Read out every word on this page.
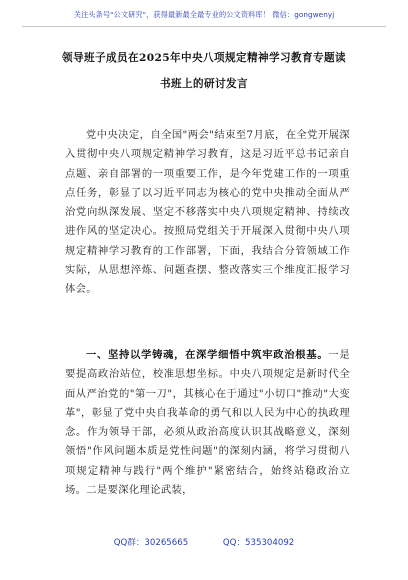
关注头条号"公文研究"，获得最新最全最专业的公文资料库！ 微信：gongwenyj
领导班子成员在2025年中央八项规定精神学习教育专题读
书班上的研讨发言
党中央决定，自全国"两会"结束至7月底，在全党开展深入贯彻中央八项规定精神学习教育，这是习近平总书记亲自点题、亲自部署的一项重要工作，是今年党建工作的一项重点任务，彰显了以习近平同志为核心的党中央推动全面从严治党向纵深发展、坚定不移落实中央八项规定精神、持续改进作风的坚定决心。按照局党组关于开展深入贯彻中央八项规定精神学习教育的工作部署，下面，我结合分管领域工作实际，从思想淬炼、问题查摆、整改落实三个维度汇报学习体会。
一、坚持以学铸魂，在深学细悟中筑牢政治根基。一是要提高政治站位，校准思想坐标。中央八项规定是新时代全面从严治党的"第一刀"，其核心在于通过"小切口"推动"大变革"，彰显了党中央自我革命的勇气和以人民为中心的执政理念。作为领导干部，必须从政治高度认识其战略意义，深刻领悟"作风问题本质是党性问题"的深刻内涵，将学习贯彻八项规定精神与践行"两个维护"紧密结合，始终站稳政治立场。二是要深化理论武装，
QQ群：30265665	QQ：535304092
